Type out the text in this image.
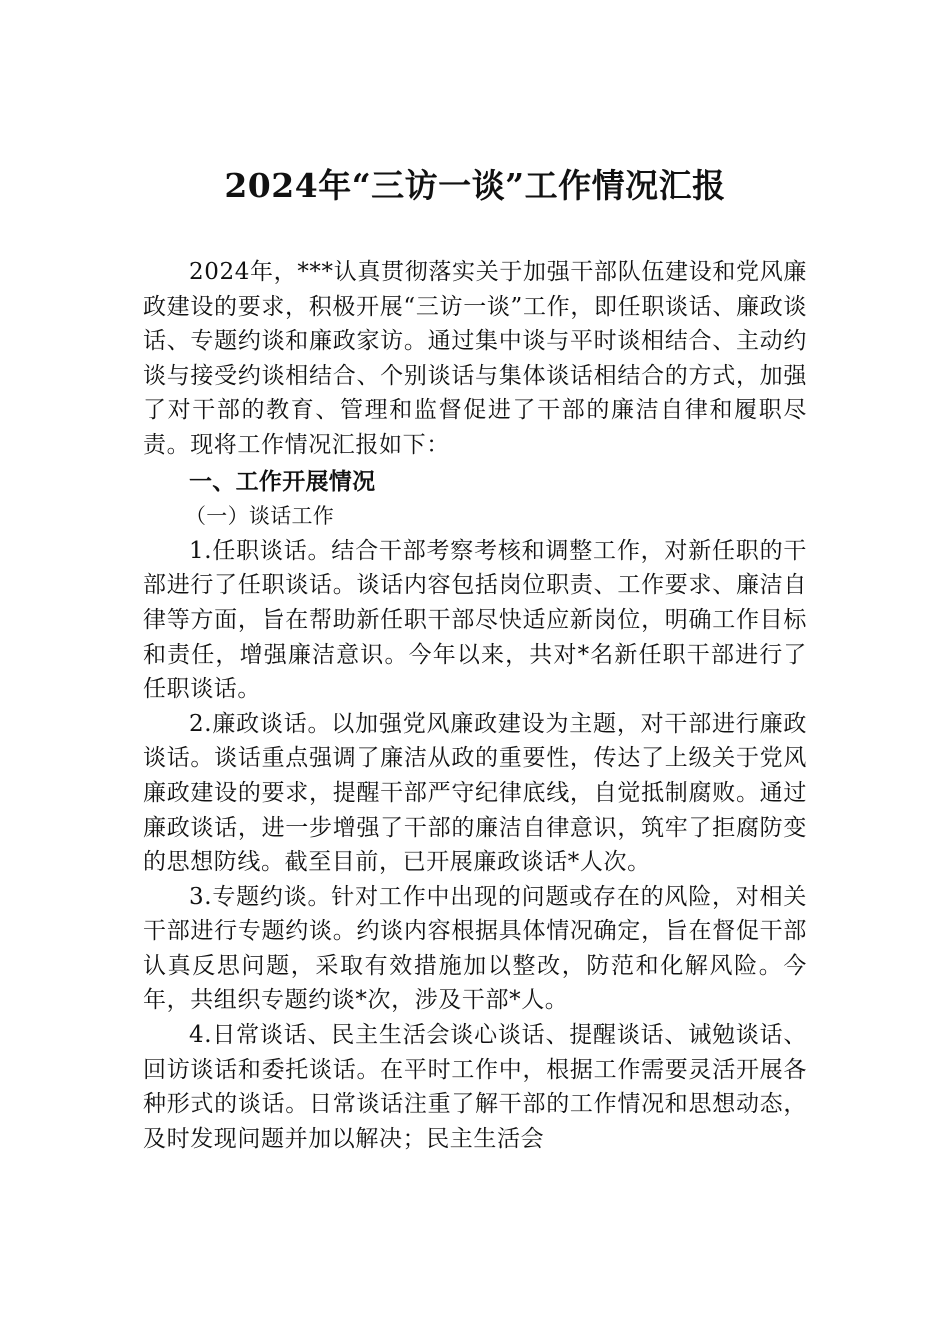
2024年“三访一谈”工作情况汇报

2024年，***认真贯彻落实关于加强干部队伍建设和党风廉政建设的要求，积极开展“三访一谈”工作，即任职谈话、廉政谈话、专题约谈和廉政家访。通过集中谈与平时谈相结合、主动约谈与接受约谈相结合、个别谈话与集体谈话相结合的方式，加强了对干部的教育、管理和监督促进了干部的廉洁自律和履职尽责。现将工作情况汇报如下：

一、工作开展情况

（一）谈话工作

1.任职谈话。结合干部考察考核和调整工作，对新任职的干部进行了任职谈话。谈话内容包括岗位职责、工作要求、廉洁自律等方面，旨在帮助新任职干部尽快适应新岗位，明确工作目标和责任，增强廉洁意识。今年以来，共对*名新任职干部进行了任职谈话。

2.廉政谈话。以加强党风廉政建设为主题，对干部进行廉政谈话。谈话重点强调了廉洁从政的重要性，传达了上级关于党风廉政建设的要求，提醒干部严守纪律底线，自觉抵制腐败。通过廉政谈话，进一步增强了干部的廉洁自律意识，筑牢了拒腐防变的思想防线。截至目前，已开展廉政谈话*人次。

3.专题约谈。针对工作中出现的问题或存在的风险，对相关干部进行专题约谈。约谈内容根据具体情况确定，旨在督促干部认真反思问题，采取有效措施加以整改，防范和化解风险。今年，共组织专题约谈*次，涉及干部*人。

4.日常谈话、民主生活会谈心谈话、提醒谈话、诫勉谈话、回访谈话和委托谈话。在平时工作中，根据工作需要灵活开展各种形式的谈话。日常谈话注重了解干部的工作情况和思想动态，及时发现问题并加以解决；民主生活会
